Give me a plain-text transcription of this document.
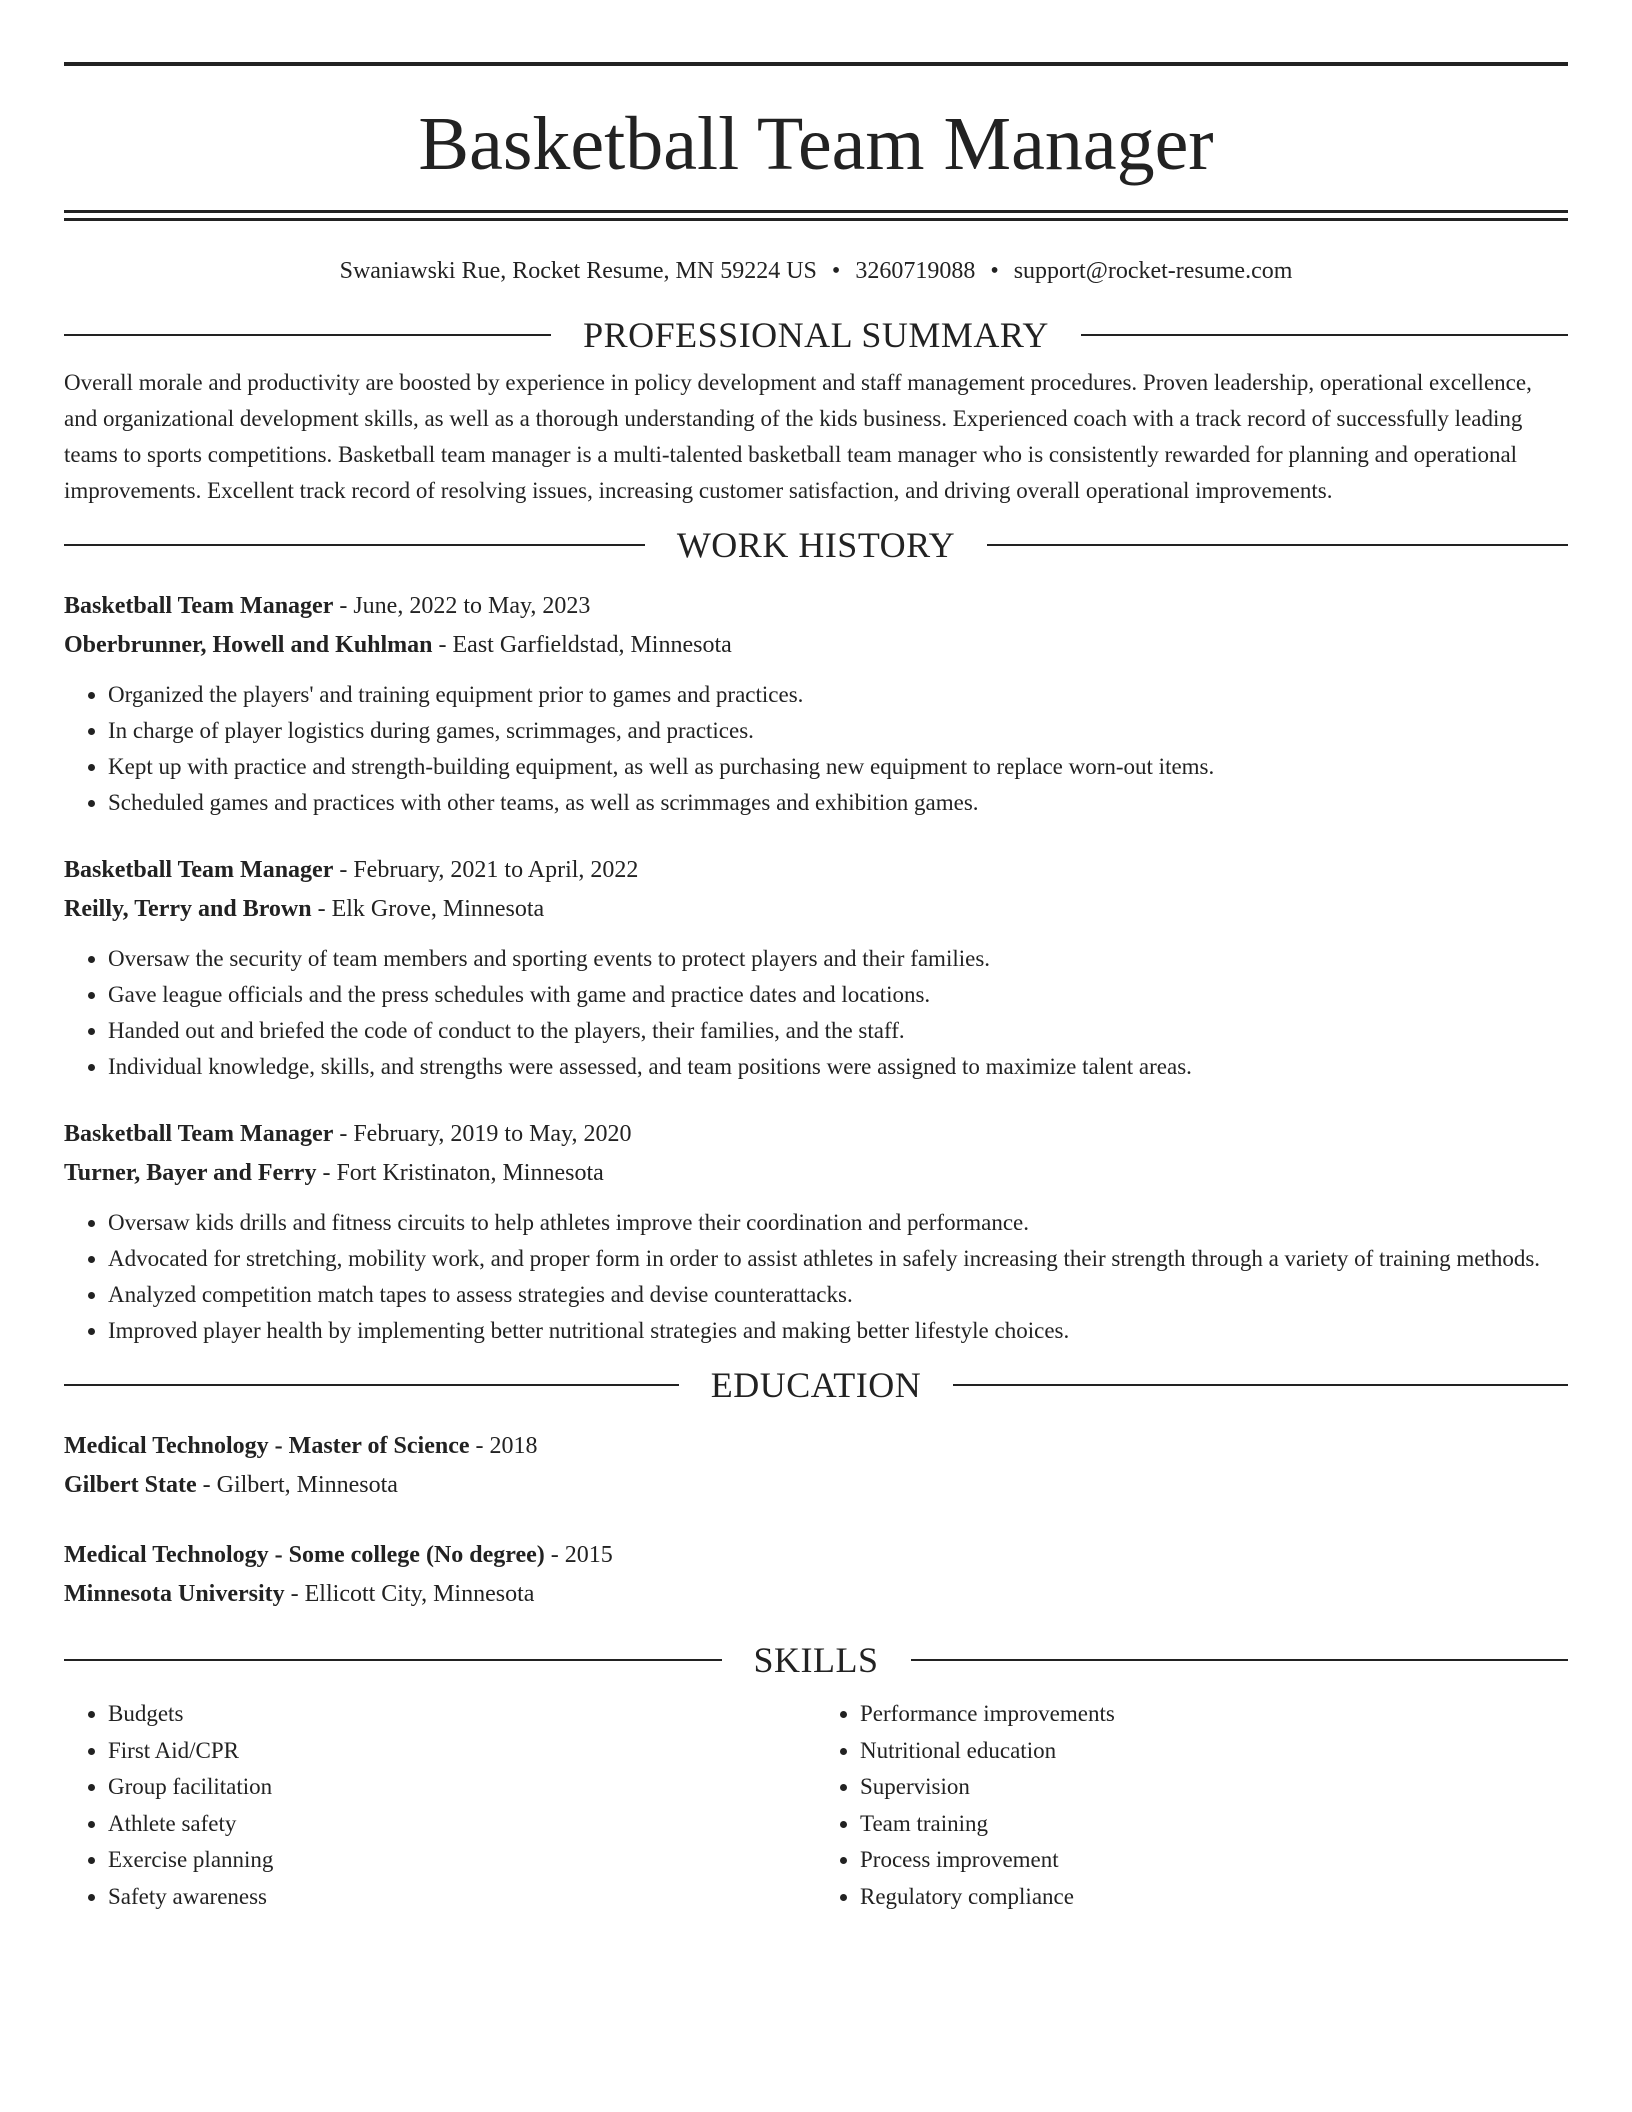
Basketball Team Manager
Swaniawski Rue, Rocket Resume, MN 59224 US • 3260719088 • support@rocket-resume.com
PROFESSIONAL SUMMARY

Overall morale and productivity are boosted by experience in policy development and staff management procedures. Proven leadership, operational excellence, and organizational development skills, as well as a thorough understanding of the kids business. Experienced coach with a track record of successfully leading teams to sports competitions. Basketball team manager is a multi-talented basketball team manager who is consistently rewarded for planning and operational improvements. Excellent track record of resolving issues, increasing customer satisfaction, and driving overall operational improvements.

WORK HISTORY
Basketball Team Manager - June, 2022 to May, 2023
Oberbrunner, Howell and Kuhlman - East Garfieldstad, Minnesota
• Organized the players' and training equipment prior to games and practices.
• In charge of player logistics during games, scrimmages, and practices.
• Kept up with practice and strength-building equipment, as well as purchasing new equipment to replace worn-out items.
• Scheduled games and practices with other teams, as well as scrimmages and exhibition games.
Basketball Team Manager - February, 2021 to April, 2022
Reilly, Terry and Brown - Elk Grove, Minnesota
• Oversaw the security of team members and sporting events to protect players and their families.
• Gave league officials and the press schedules with game and practice dates and locations.
• Handed out and briefed the code of conduct to the players, their families, and the staff.
• Individual knowledge, skills, and strengths were assessed, and team positions were assigned to maximize talent areas.
Basketball Team Manager - February, 2019 to May, 2020
Turner, Bayer and Ferry - Fort Kristinaton, Minnesota
• Oversaw kids drills and fitness circuits to help athletes improve their coordination and performance.
• Advocated for stretching, mobility work, and proper form in order to assist athletes in safely increasing their strength through a variety of training methods.
• Analyzed competition match tapes to assess strategies and devise counterattacks.
• Improved player health by implementing better nutritional strategies and making better lifestyle choices.
EDUCATION
Medical Technology - Master of Science - 2018
Gilbert State - Gilbert, Minnesota
Medical Technology - Some college (No degree) - 2015
Minnesota University - Ellicott City, Minnesota
SKILLS
• Budgets
• First Aid/CPR
• Group facilitation
• Athlete safety
• Exercise planning
• Safety awareness
• Performance improvements
• Nutritional education
• Supervision
• Team training
• Process improvement
• Regulatory compliance
